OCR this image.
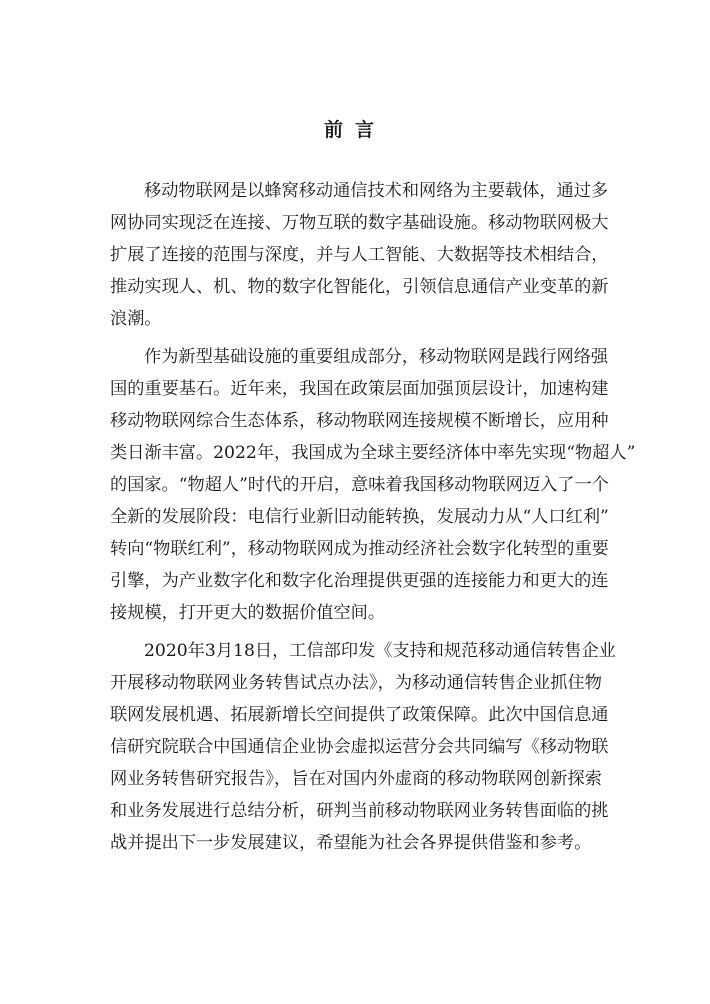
前言
移动物联网是以蜂窝移动通信技术和网络为主要载体，通过多
网协同实现泛在连接、万物互联的数字基础设施。移动物联网极大
扩展了连接的范围与深度，并与人工智能、大数据等技术相结合，
推动实现人、机、物的数字化智能化，引领信息通信产业变革的新
浪潮。
作为新型基础设施的重要组成部分，移动物联网是践行网络强
国的重要基石。近年来，我国在政策层面加强顶层设计，加速构建
移动物联网综合生态体系，移动物联网连接规模不断增长，应用种
类日渐丰富。2022年，我国成为全球主要经济体中率先实现“物超人”
的国家。“物超人”时代的开启，意味着我国移动物联网迈入了一个
全新的发展阶段：电信行业新旧动能转换，发展动力从“人口红利”
转向“物联红利”，移动物联网成为推动经济社会数字化转型的重要
引擎，为产业数字化和数字化治理提供更强的连接能力和更大的连
接规模，打开更大的数据价值空间。
2020年3月18日，工信部印发《支持和规范移动通信转售企业
开展移动物联网业务转售试点办法》，为移动通信转售企业抓住物
联网发展机遇、拓展新增长空间提供了政策保障。此次中国信息通
信研究院联合中国通信企业协会虚拟运营分会共同编写《移动物联
网业务转售研究报告》，旨在对国内外虚商的移动物联网创新探索
和业务发展进行总结分析，研判当前移动物联网业务转售面临的挑
战并提出下一步发展建议，希望能为社会各界提供借鉴和参考。
